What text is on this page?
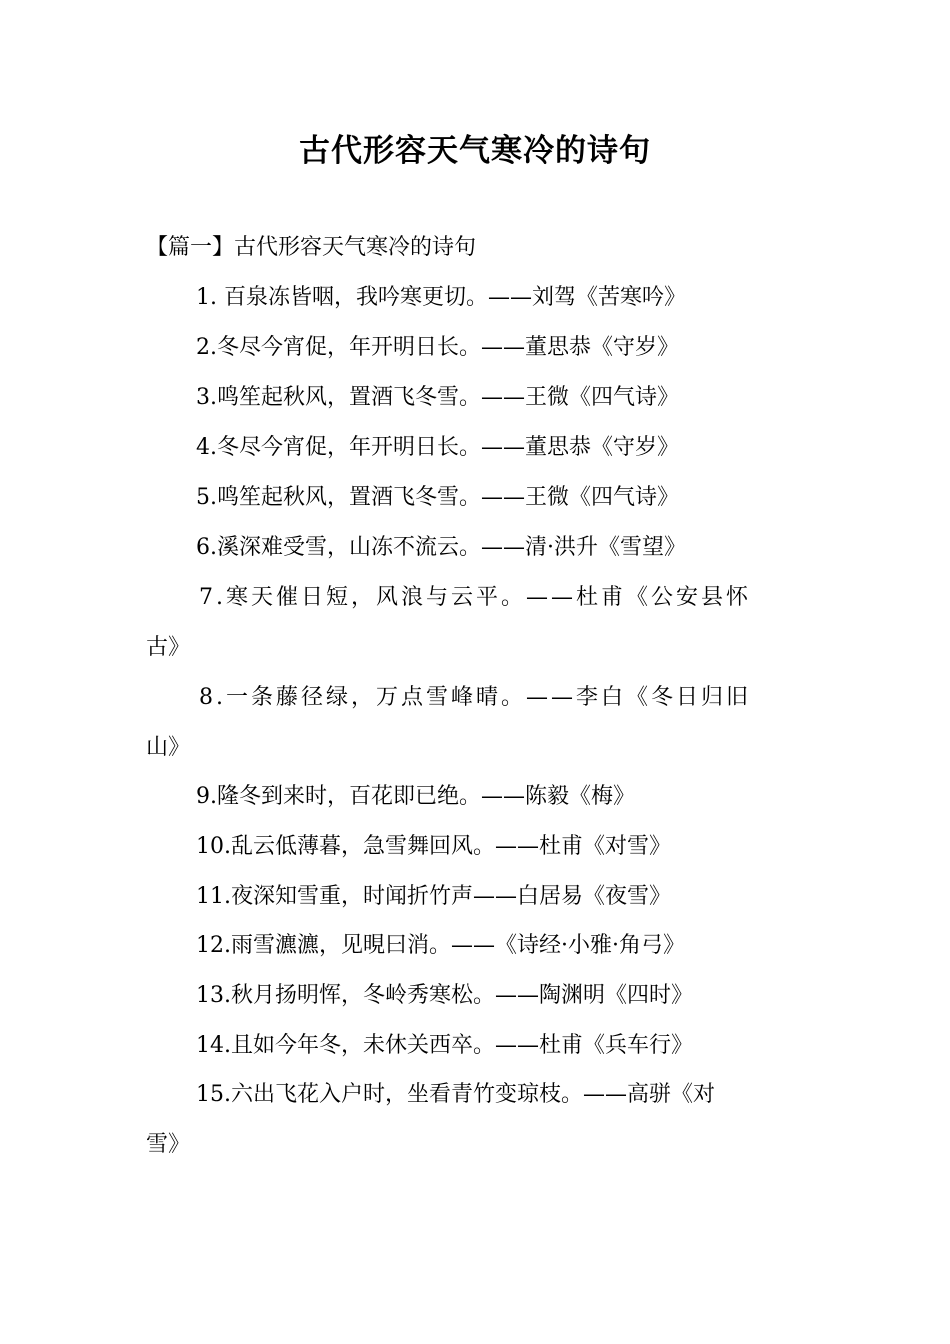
古代形容天气寒冷的诗句
【篇一】古代形容天气寒冷的诗句
1. 百泉冻皆咽，我吟寒更切。——刘驾《苦寒吟》
2.冬尽今宵促，年开明日长。——董思恭《守岁》
3.鸣笙起秋风，置酒飞冬雪。——王微《四气诗》
4.冬尽今宵促，年开明日长。——董思恭《守岁》
5.鸣笙起秋风，置酒飞冬雪。——王微《四气诗》
6.溪深难受雪，山冻不流云。——清·洪升《雪望》
7.寒天催日短，风浪与云平。——杜甫《公安县怀
古》
8.一条藤径绿，万点雪峰晴。——李白《冬日归旧
山》
9.隆冬到来时，百花即已绝。——陈毅《梅》
10.乱云低薄暮，急雪舞回风。——杜甫《对雪》
11.夜深知雪重，时闻折竹声——白居易《夜雪》
12.雨雪瀌瀌，见晛曰消。——《诗经·小雅·角弓》
13.秋月扬明恽，冬岭秀寒松。——陶渊明《四时》
14.且如今年冬，未休关西卒。——杜甫《兵车行》
15.六出飞花入户时，坐看青竹变琼枝。——高骈《对
雪》
